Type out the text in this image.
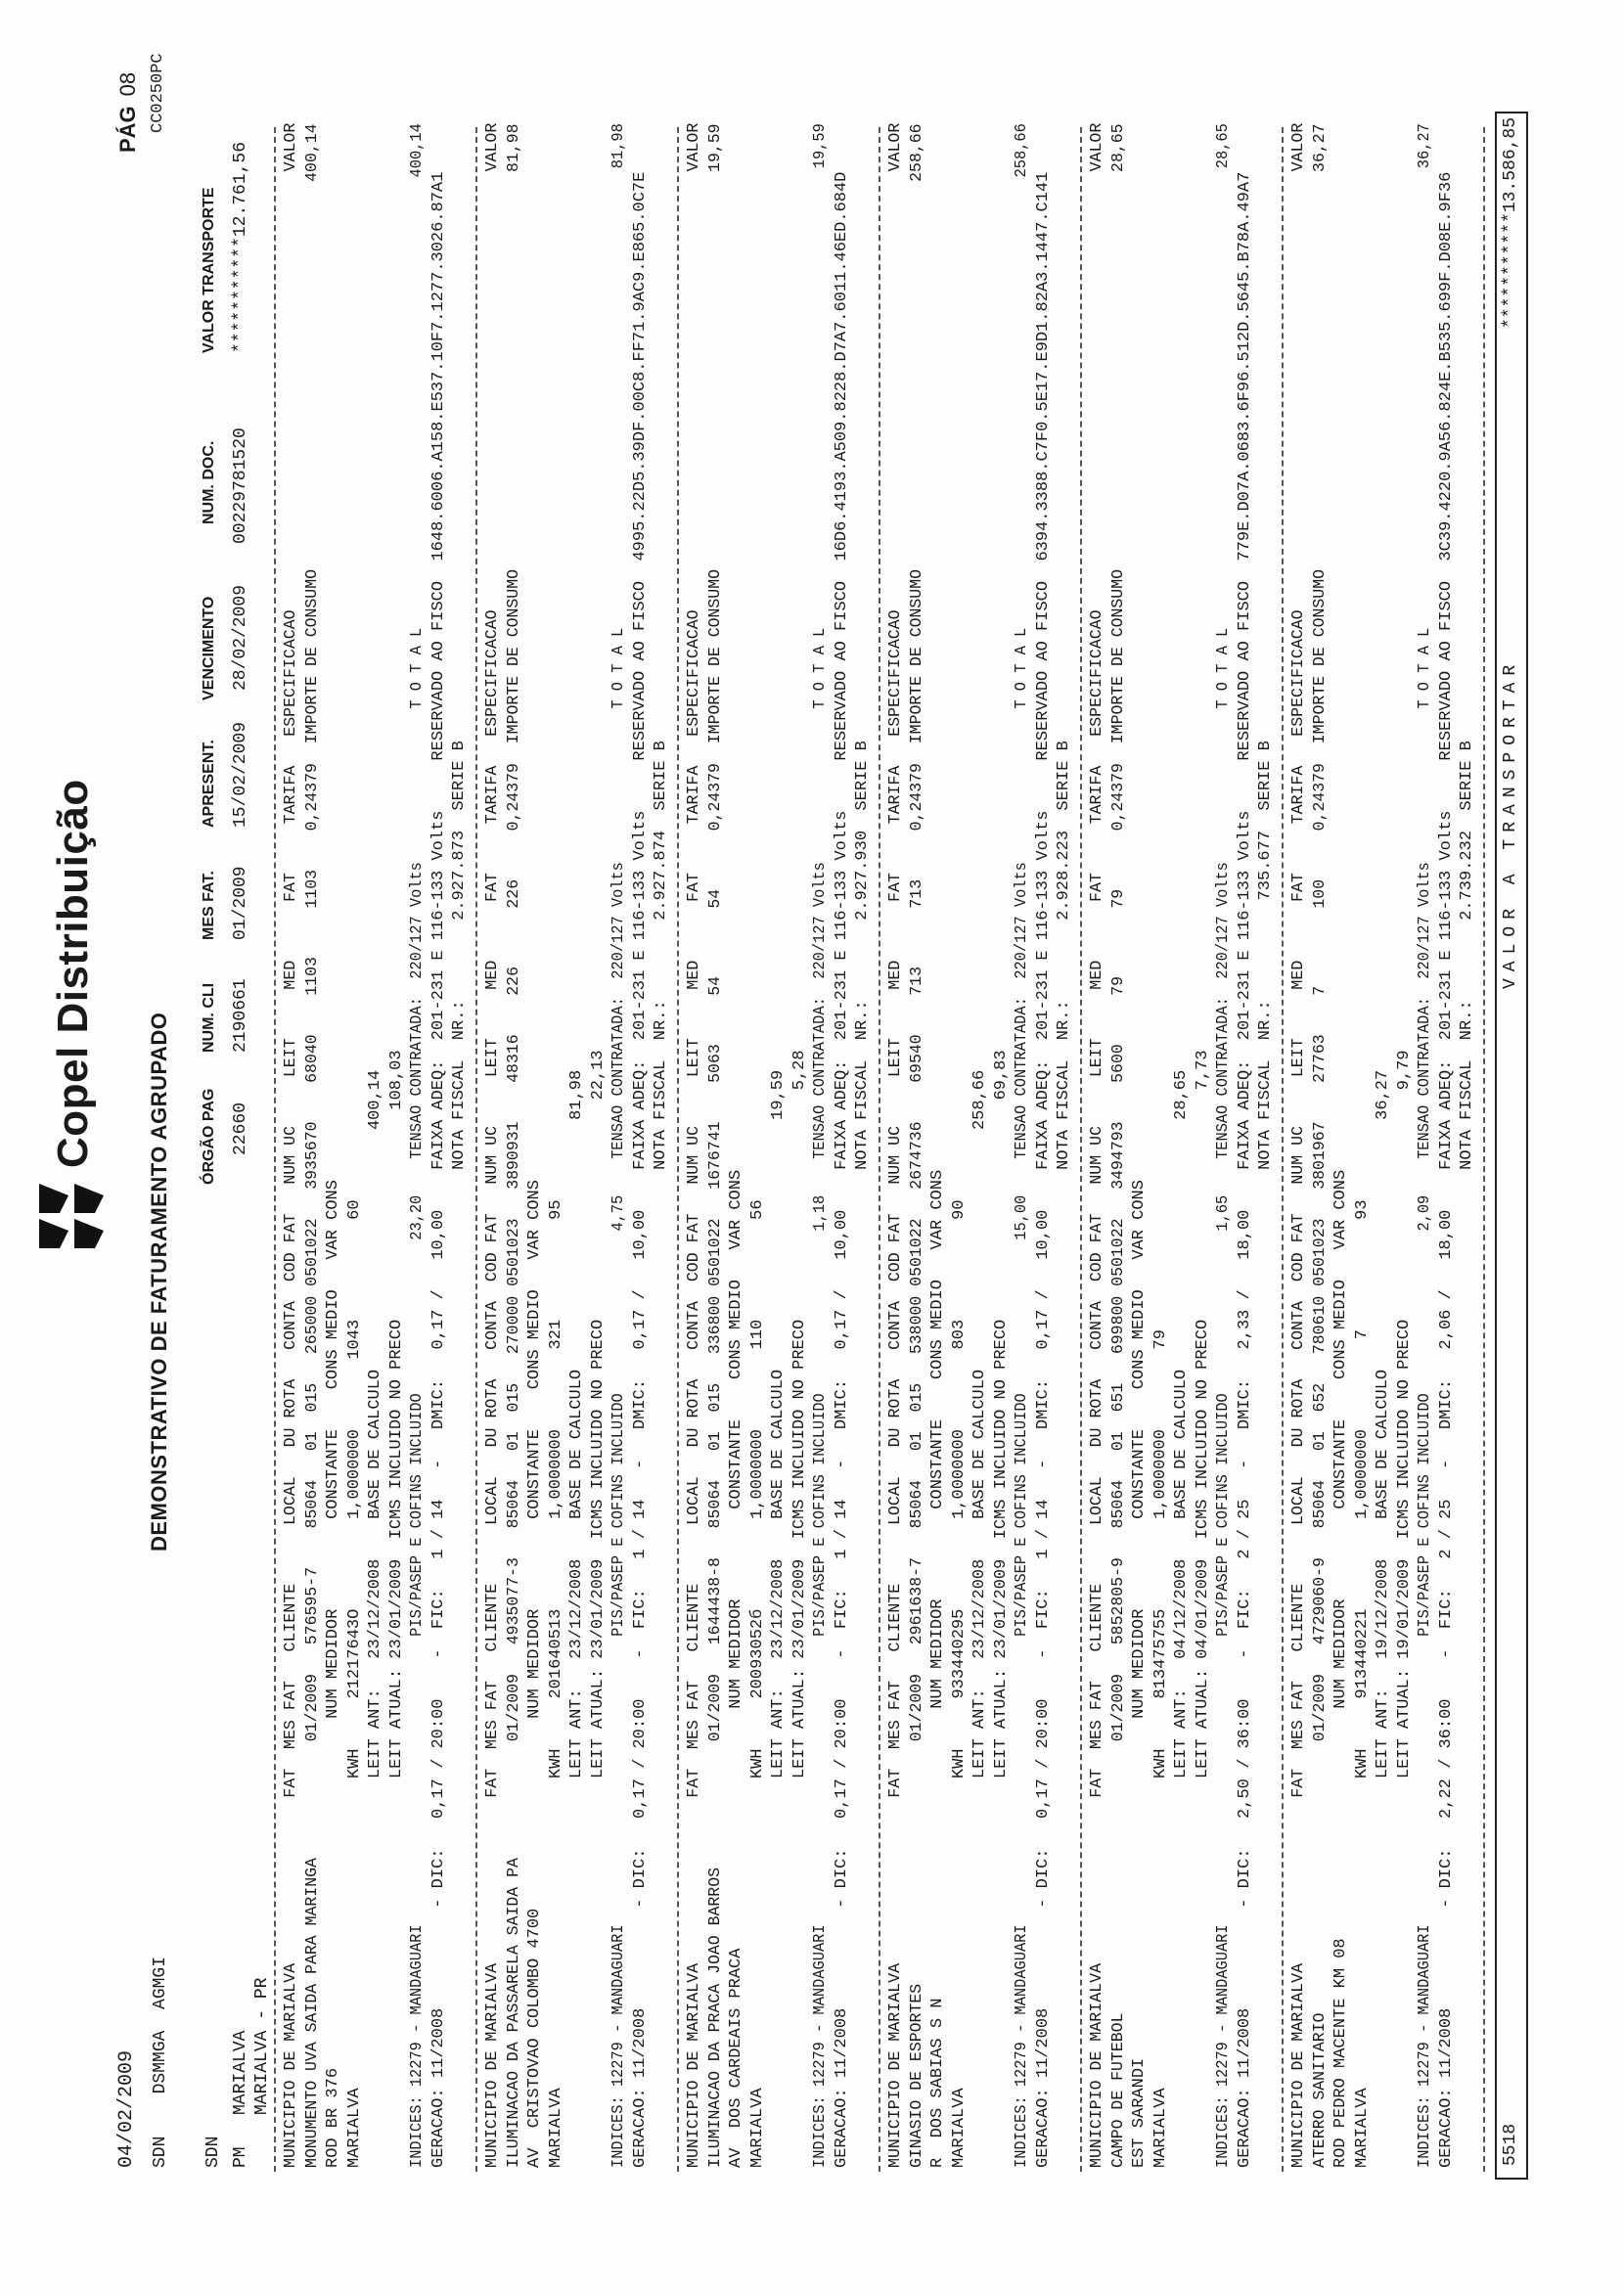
04/02/2009

Copel Distribuição
PÁG08 CC0250PC
SDN    DSMMGA  AGMGI
DEMONSTRATIVO DE FATURAMENTO AGRUPADO
SDN
ÓRGÃO PAG
NUM. CLI
MES FAT.
APRESENT.
VENCIMENTO
NUM. DOC.
VALOR TRANSPORTE
PM   MARIALVA MARIALVA - PR
22660
2190661
01/2009
15/02/2009
28/02/2009
00229781520
***********12.761,56 MUNICIPIO DE MARIALVA                 FAT  MES FAT   CLIENTE      LOCAL   DU ROTA   CONTA  COD FAT   NUM UC     LEIT     MED      FAT     TARIFA   ESPECIFICACAO                                             VALOR MONUMENTO UVA SAIDA PARA MARINGA            01/2009   576595-7    85064   01  015   265000 0501022   3935670    68040    1103     1103    0,24379  IMPORTE DE CONSUMO                                        400,14 ROD BR 376                                   NUM MEDIDOR         CONSTANTE    CONS MEDIO   VAR CONS MARIALVA                               KWH     21217643O         1,0000000       1043          60 LEIT ANT:   23/12/2008    BASE DE CALCULO                        400,14 LEIT ATUAL: 23/01/2009  ICMS INCLUIDO NO PRECO                     108,03 INDICES: 12279 - MANDAGUARI                                PIS/PASEP E COFINS INCLUIDO                 23,20    TENSAO CONTRATADA:  220/127 Volts                 T O T A L                                                  400,14 GERACAO: 11/2008          - DIC:   0,17 / 20:00    -  FIC:   1 / 14   -   DMIC:   0,17 /   10,00    FAIXA ADEQ:  201-231 E 116-133 Volts     RESERVADO AO FISCO  1648.6006.A158.E537.10F7.1277.3026.87A1 NOTA FISCAL  NR.:        2.927.873  SERIE B MUNICIPIO DE MARIALVA                 FAT  MES FAT   CLIENTE      LOCAL   DU ROTA   CONTA  COD FAT   NUM UC     LEIT     MED      FAT     TARIFA   ESPECIFICACAO                                             VALOR ILUMINACAO DA PASSARELA SAIDA PA            01/2009   4935077-3   85064   01  015   270000 0501023   3890931    48316    226      226     0,24379  IMPORTE DE CONSUMO                                         81,98 AV  CRISTOVAO COLOMBO 4700                   NUM MEDIDOR         CONSTANTE    CONS MEDIO   VAR CONS MARIALVA                               KWH     201640513         1,0000000        321          95 LEIT ANT:   23/12/2008    BASE DE CALCULO                         81,98 LEIT ATUAL: 23/01/2009  ICMS INCLUIDO NO PRECO                      22,13 INDICES: 12279 - MANDAGUARI                                PIS/PASEP E COFINS INCLUIDO                  4,75    TENSAO CONTRATADA:  220/127 Volts                 T O T A L                                                   81,98 GERACAO: 11/2008          - DIC:   0,17 / 20:00    -  FIC:   1 / 14   -   DMIC:   0,17 /   10,00    FAIXA ADEQ:  201-231 E 116-133 Volts     RESERVADO AO FISCO  4995.22D5.39DF.00C8.FF71.9AC9.E865.0C7E NOTA FISCAL  NR.:        2.927.874  SERIE B MUNICIPIO DE MARIALVA                 FAT  MES FAT   CLIENTE      LOCAL   DU ROTA   CONTA  COD FAT   NUM UC     LEIT     MED      FAT     TARIFA   ESPECIFICACAO                                             VALOR ILUMINACAO DA PRACA JOAO BARROS             01/2009   1644438-8   85064   01  015   336800 0501022   1676741    5063     54       54      0,24379  IMPORTE DE CONSUMO                                         19,59 AV  DOS CARDEAIS PRACA                        NUM MEDIDOR         CONSTANTE    CONS MEDIO   VAR CONS MARIALVA                               KWH     20093052б         1,0000000        110          56 LEIT ANT:   23/12/2008    BASE DE CALCULO                         19,59 LEIT ATUAL: 23/01/2009  ICMS INCLUIDO NO PRECO                       5,28 INDICES: 12279 - MANDAGUARI                                PIS/PASEP E COFINS INCLUIDO                  1,18    TENSAO CONTRATADA:  220/127 Volts                 T O T A L                                                   19,59 GERACAO: 11/2008          - DIC:   0,17 / 20:00    -  FIC:   1 / 14   -   DMIC:   0,17 /   10,00    FAIXA ADEQ:  201-231 E 116-133 Volts     RESERVADO AO FISCO  16D6.4193.A509.8228.D7A7.6011.46ED.684D NOTA FISCAL  NR.:        2.927.930  SERIE B MUNICIPIO DE MARIALVA                 FAT  MES FAT   CLIENTE      LOCAL   DU ROTA   CONTA  COD FAT   NUM UC     LEIT     MED      FAT     TARIFA   ESPECIFICACAO                                             VALOR GINASIO DE ESPORTES                         01/2009   2961638-7   85064   01  015   538000 0501022   2674736    69540    713      713     0,24379  IMPORTE DE CONSUMO                                        258,66 R  DOS SABIAS S N                             NUM MEDIDOR         CONSTANTE    CONS MEDIO   VAR CONS MARIALVA                               KWH     933440295         1,0000000        803          90 LEIT ANT:   23/12/2008    BASE DE CALCULO                        258,66 LEIT ATUAL: 23/01/2009  ICMS INCLUIDO NO PRECO                      69,83 INDICES: 12279 - MANDAGUARI                                PIS/PASEP E COFINS INCLUIDO                 15,00    TENSAO CONTRATADA:  220/127 Volts                 T O T A L                                                  258,66 GERACAO: 11/2008          - DIC:   0,17 / 20:00    -  FIC:   1 / 14   -   DMIC:   0,17 /   10,00    FAIXA ADEQ:  201-231 E 116-133 Volts     RESERVADO AO FISCO  6394.3388.C7F0.5E17.E9D1.82A3.1447.C141 NOTA FISCAL  NR.:        2.928.223  SERIE B MUNICIPIO DE MARIALVA                 FAT  MES FAT   CLIENTE      LOCAL   DU ROTA   CONTA  COD FAT   NUM UC     LEIT     MED      FAT     TARIFA   ESPECIFICACAO                                             VALOR CAMPO DE FUTEBOL                            01/2009   5852805-9   85064   01  651   699800 0501022   3494793    5600     79       79      0,24379  IMPORTE DE CONSUMO                                         28,65 EST SARANDI                                  NUM MEDIDOR         CONSTANTE    CONS MEDIO   VAR CONS MARIALVA                               KWH     813475755         1,0000000        79 LEIT ANT:   04/12/2008    BASE DE CALCULO                         28,65 LEIT ATUAL: 04/01/2009  ICMS INCLUIDO NO PRECO                       7,73 INDICES: 12279 - MANDAGUARI                                PIS/PASEP E COFINS INCLUIDO                  1,65    TENSAO CONTRATADA:  220/127 Volts                 T O T A L                                                   28,65 GERACAO: 11/2008          - DIC:   2,50 / 36:00    -  FIC:   2 / 25   -   DMIC:   2,33 /   18,00    FAIXA ADEQ:  201-231 E 116-133 Volts     RESERVADO AO FISCO  779E.D07A.0683.6F96.512D.5645.B78A.49A7 NOTA FISCAL  NR.:          735.677  SERIE B MUNICIPIO DE MARIALVA                 FAT  MES FAT   CLIENTE      LOCAL   DU ROTA   CONTA  COD FAT   NUM UC     LEIT     MED      FAT     TARIFA   ESPECIFICACAO                                             VALOR ATERRO SANITARIO                            01/2009   4729060-9   85064   01  652   780610 0501023   3801967    27763    7        100     0,24379  IMPORTE DE CONSUMO                                         36,27 ROD PEDRO MACENTE KM 08                       NUM MEDIDOR         CONSTANTE    CONS MEDIO   VAR CONS MARIALVA                               KWH     913440221         1,0000000         7           93 LEIT ANT:   19/12/2008    BASE DE CALCULO                         36,27 LEIT ATUAL: 19/01/2009  ICMS INCLUIDO NO PRECO                       9,79 INDICES: 12279 - MANDAGUARI                                PIS/PASEP E COFINS INCLUIDO                  2,09    TENSAO CONTRATADA:  220/127 Volts                 T O T A L                                                   36,27 GERACAO: 11/2008          - DIC:   2,22 / 36:00    -  FIC:   2 / 25   -   DMIC:   2,06 /   18,00    FAIXA ADEQ:  201-231 E 116-133 Volts     RESERVADO AO FISCO  3C39.4220.9A56.824E.B535.699F.D08E.9F36 NOTA FISCAL  NR.:        2.739.232  SERIE B 5518
VALOR A TRANSPORTAR
***********13.586,85
